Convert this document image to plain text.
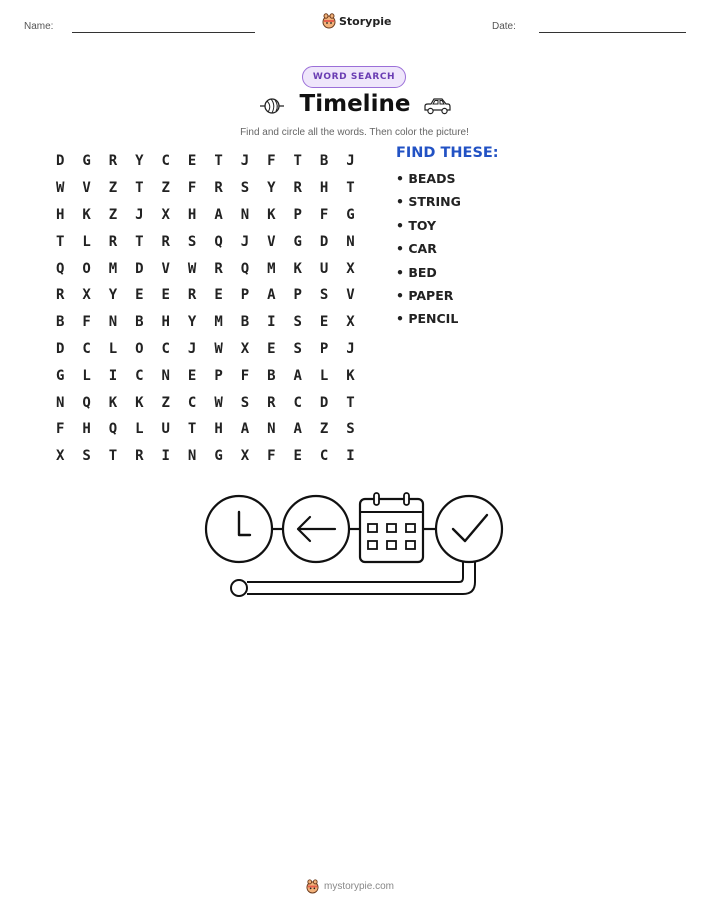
Name:	Storypie	Date:
WORD SEARCH
Timeline
Find and circle all the words. Then color the picture!
D	G	R	Y	C	E	T	J	F	T	B	J
W	V	Z	T	Z	F	R	S	Y	R	H	T
H	K	Z	J	X	H	A	N	K	P	F	G
T	L	R	T	R	S	Q	J	V	G	D	N
Q	O	M	D	V	W	R	Q	M	K	U	X
R	X	Y	E	E	R	E	P	A	P	S	V
B	F	N	B	H	Y	M	B	I	S	E	X
D	C	L	O	C	J	W	X	E	S	P	J
G	L	I	C	N	E	P	F	B	A	L	K
N	Q	K	K	Z	C	W	S	R	C	D	T
F	H	Q	L	U	T	H	A	N	A	Z	S
X	S	T	R	I	N	G	X	F	E	C	I
FIND THESE:
• BEADS
• STRING
• TOY
• CAR
• BED
• PAPER
• PENCIL
mystorypie.com
